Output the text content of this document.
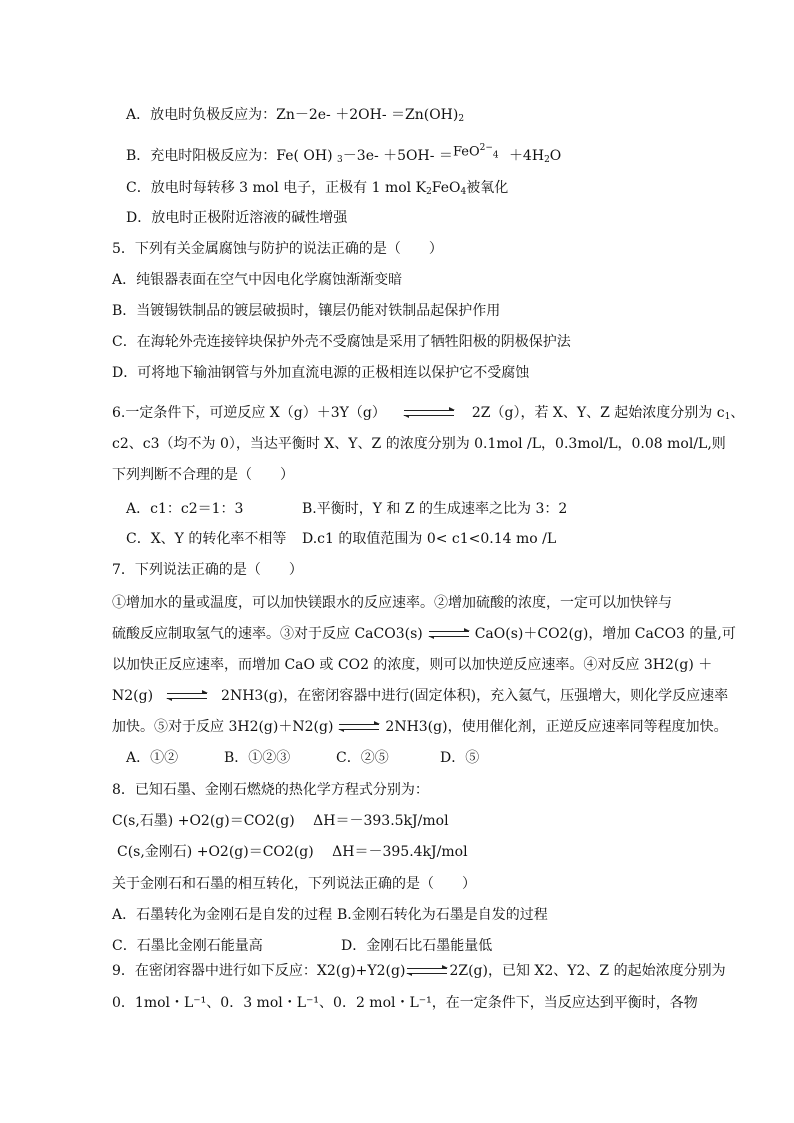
A．放电时负极反应为：$Zn-2e- +2OH- =Zn(OH)_2$
B．充电时阳极反应为：Fe( OH) $_3-3e- +5OH- = FeO^{2-}_4 +4H_2O$
C．放电时每转移 3 mol 电子，正极有 1 mol $K_2FeO_4$被氧化
D．放电时正极附近溶液的碱性增强
5．下列有关金属腐蚀与防护的说法正确的是（　　）
A．纯银器表面在空气中因电化学腐蚀渐渐变暗
B．当镀锡铁制品的镀层破损时，镶层仍能对铁制品起保护作用
C．在海轮外壳连接锌块保护外壳不受腐蚀是采用了牺牲阳极的阴极保护法
D．可将地下输油钢管与外加直流电源的正极相连以保护它不受腐蚀
6.一定条件下，可逆反应 X（g）＋3Y（g） ⇌ 2Z（g），若 X、Y、Z 起始浓度分别为 $c_1$、
c2、c3（均不为 0），当达平衡时 X、Y、Z 的浓度分别为 0.1mol /L，0.3mol/L，0.08 mol/L,则
下列判断不合理的是（　　）
A．c1：c2＝1：3	B.平衡时，Y 和 Z 的生成速率之比为 3：2
C．X、Y 的转化率不相等 D.c1 的取值范围为 0< c1<0.14 mo /L
7．下列说法正确的是（　　）
①增加水的量或温度，可以加快镁跟水的反应速率。②增加硫酸的浓度，一定可以加快锌与
硫酸反应制取氢气的速率。③对于反应 CaCO3(s) ⇌ CaO(s)＋CO2(g)，增加 CaCO3 的量,可
以加快正反应速率，而增加 CaO 或 CO2 的浓度，则可以加快逆反应速率。④对反应 3H2(g) ＋
N2(g) ⇌ 2NH3(g)，在密闭容器中进行(固定体积)，充入氦气，压强增大，则化学反应速率
加快。⑤对于反应 3H2(g)＋N2(g) ⇌ 2NH3(g)，使用催化剂，正逆反应速率同等程度加快。
A．①②	B．①②③	C．②⑤	D．⑤
8．已知石墨、金刚石燃烧的热化学方程式分别为：
C(s,石墨) +O2(g)＝CO2(g)　 ΔH＝－393.5kJ/mol
C(s,金刚石) +O2(g)＝CO2(g)　 ΔH＝－395.4kJ/mol
关于金刚石和石墨的相互转化，下列说法正确的是（　　）
A．石墨转化为金刚石是自发的过程 B.金刚石转化为石墨是自发的过程
C．石墨比金刚石能量高	D．金刚石比石墨能量低
9．在密闭容器中进行如下反应：X2(g)+Y2(g) ⇌ 2Z(g)，已知 X2、Y2、Z 的起始浓度分别为
0．1mol・L⁻¹、0．3 mol・L⁻¹、0．2 mol・L⁻¹，在一定条件下，当反应达到平衡时，各物
